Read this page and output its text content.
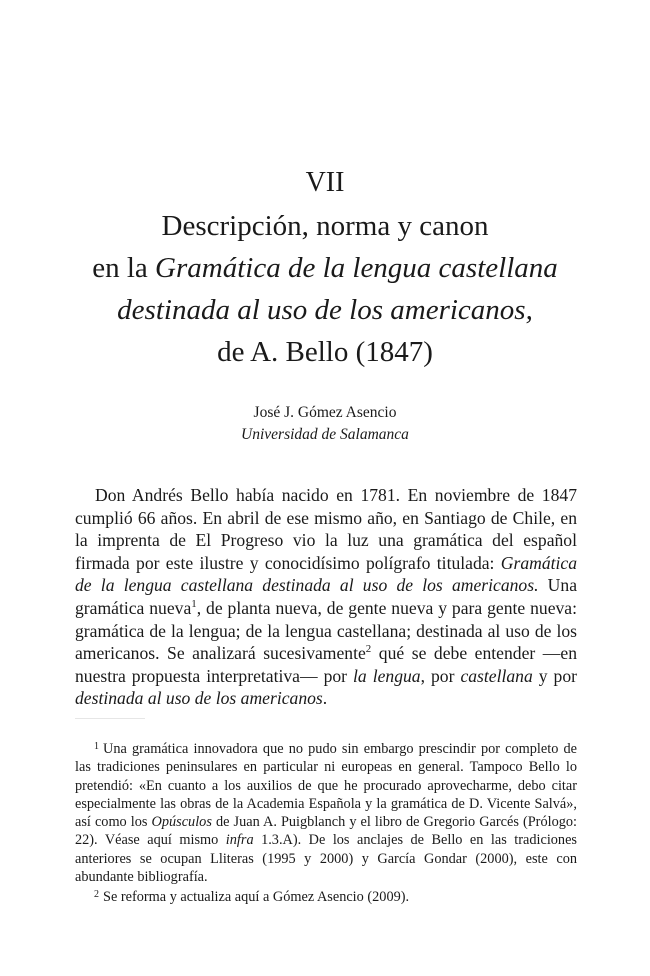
VII
Descripción, norma y canon
en la Gramática de la lengua castellana
destinada al uso de los americanos,
de A. Bello (1847)
José J. Gómez Asencio
Universidad de Salamanca
Don Andrés Bello había nacido en 1781. En noviembre de 1847 cumplió 66 años. En abril de ese mismo año, en Santiago de Chile, en la imprenta de El Progreso vio la luz una gramática del español firmada por este ilustre y conocidísimo polígrafo titulada: Gramática de la lengua castellana destinada al uso de los americanos. Una gramática nueva$^1$, de planta nueva, de gente nueva y para gente nueva: gramática de la lengua; de la lengua castellana; destinada al uso de los americanos. Se analizará sucesivamente$^2$ qué se debe entender —en nuestra propuesta interpretativa— por la lengua, por castellana y por destinada al uso de los americanos.

1 Una gramática innovadora que no pudo sin embargo prescindir por completo de las tradiciones peninsulares en particular ni europeas en general. Tampoco Bello lo pretendió: «En cuanto a los auxilios de que he procurado aprovecharme, debo citar especialmente las obras de la Academia Española y la gramática de D. Vicente Salvá», así como los Opúsculos de Juan A. Puigblanch y el libro de Gregorio Garcés (Prólogo: 22). Véase aquí mismo infra 1.3.A). De los anclajes de Bello en las tradiciones anteriores se ocupan Lliteras (1995 y 2000) y García Gondar (2000), este con abundante bibliografía.

2 Se reforma y actualiza aquí a Gómez Asencio (2009).
